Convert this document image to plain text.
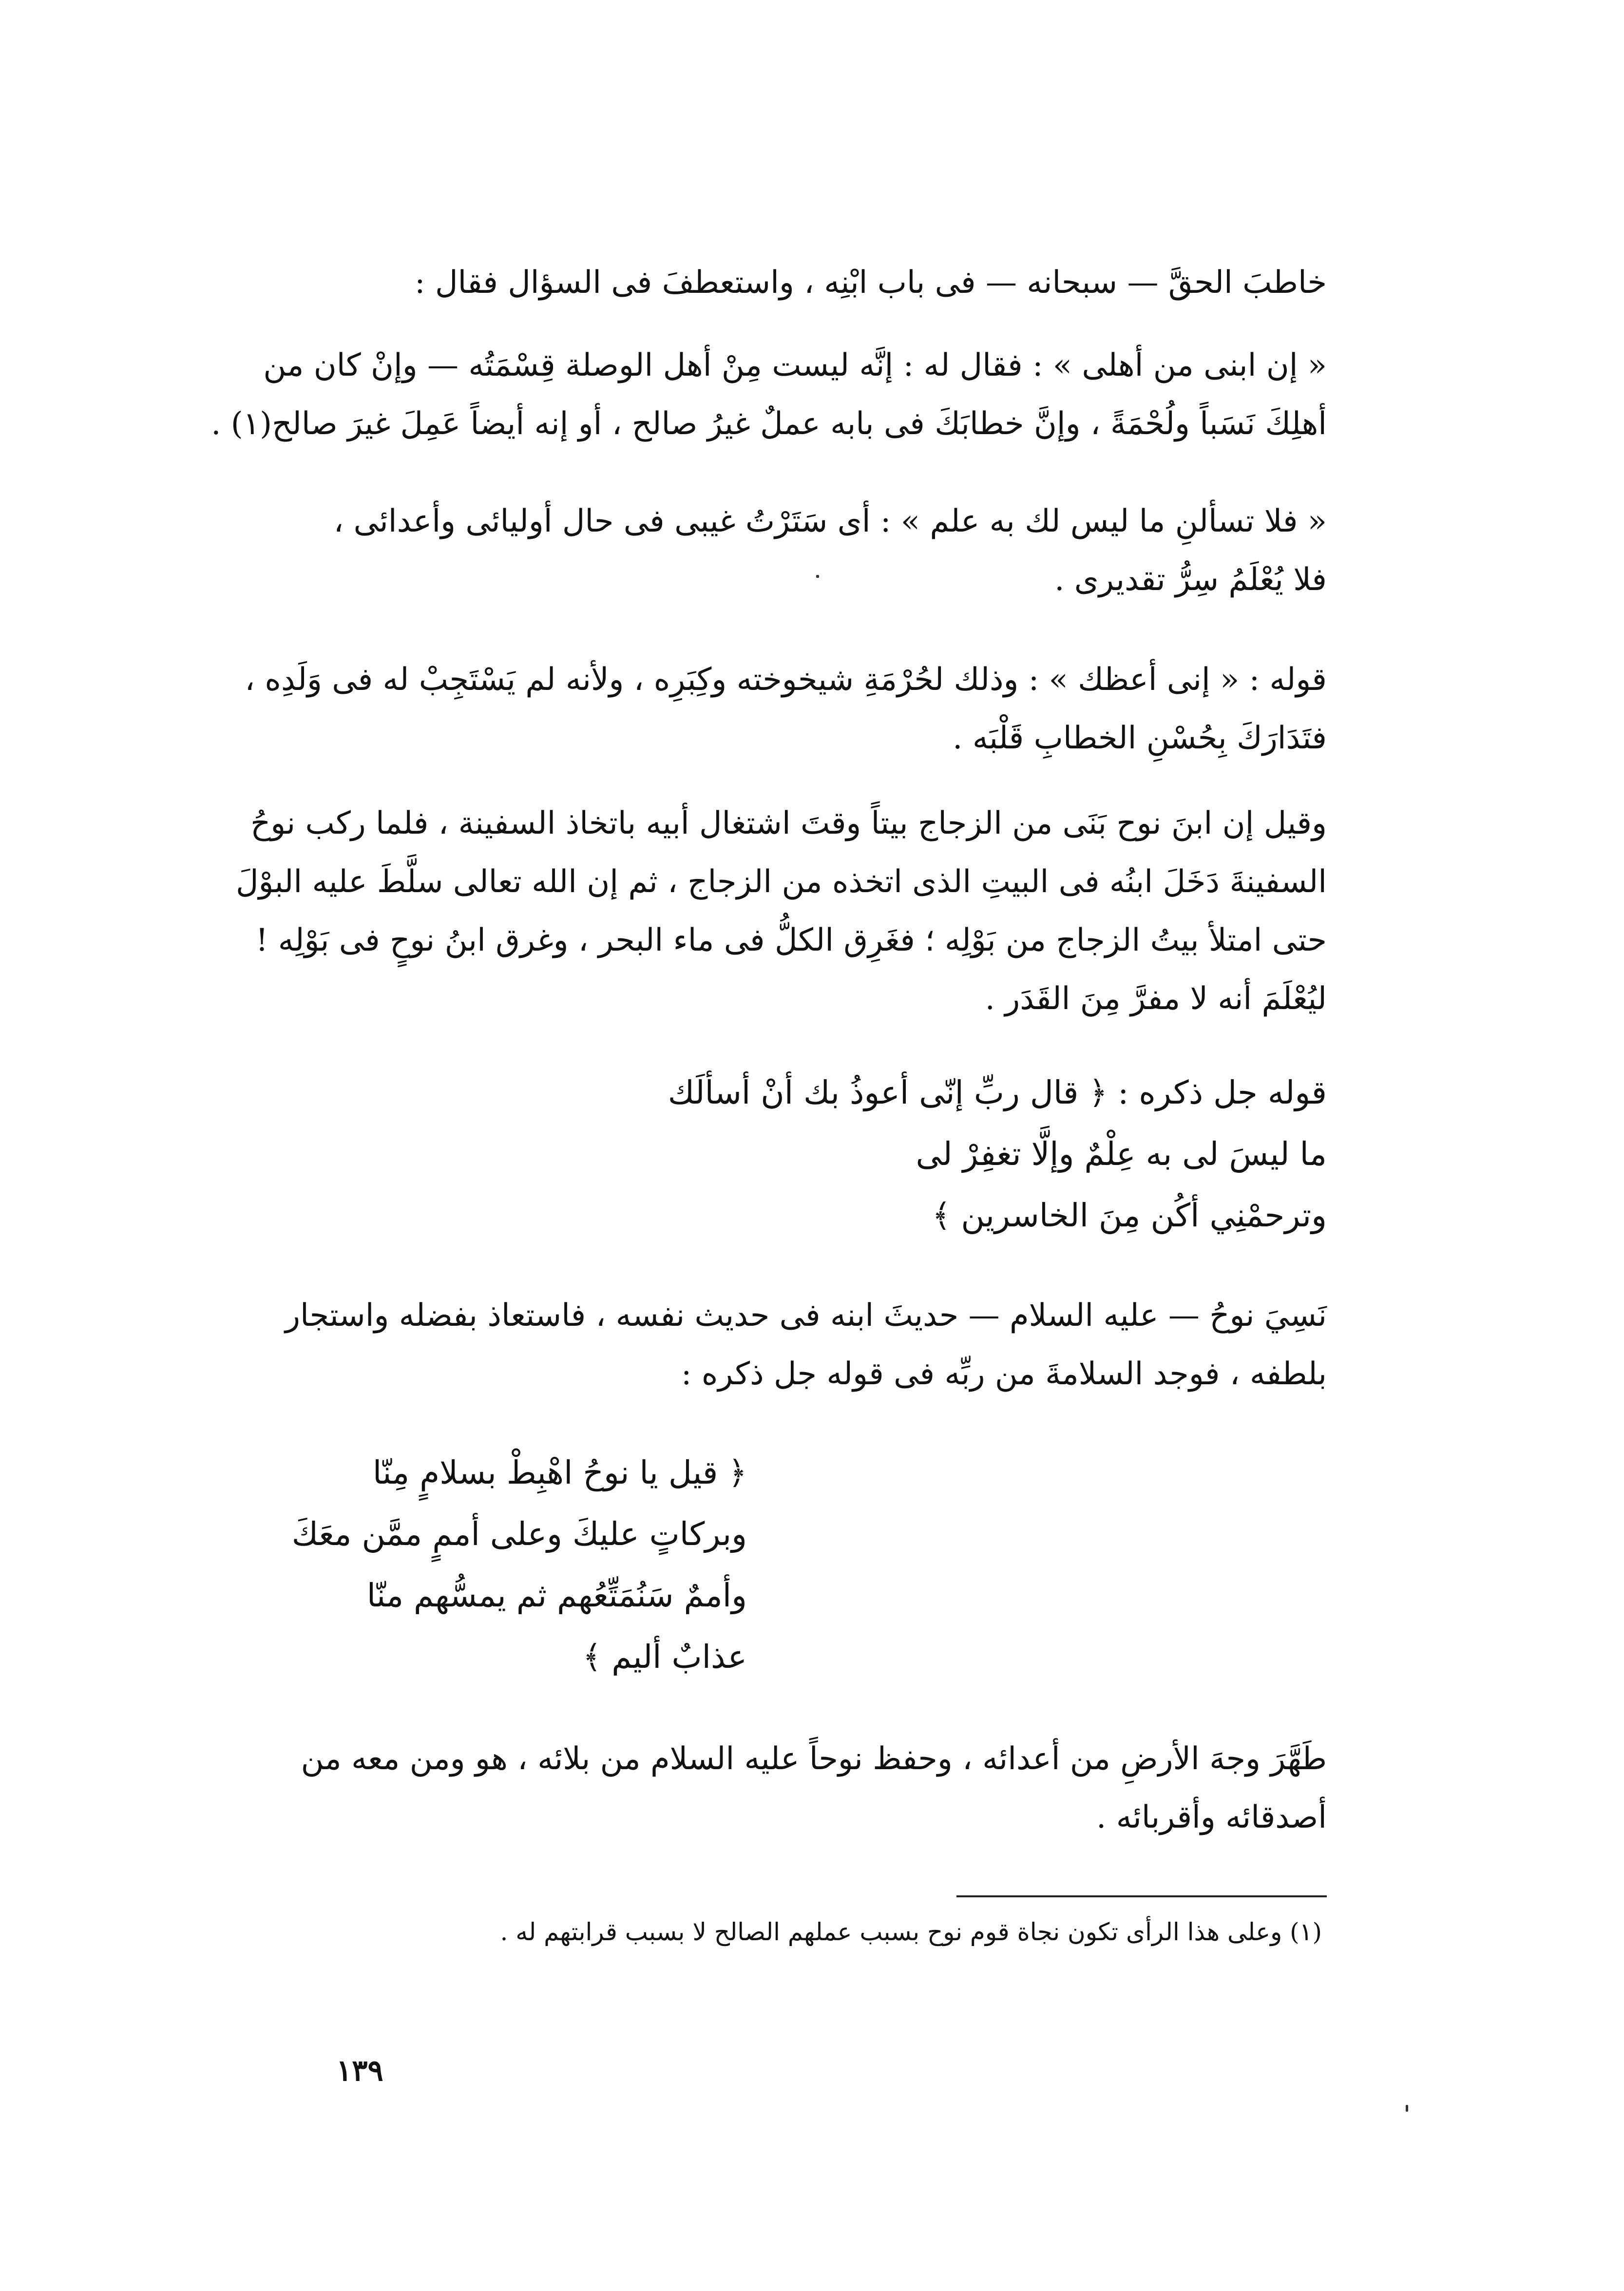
خاطبَ الحقَّ — سبحانه — فى باب ابْنِه ، واستعطفَ فى السؤال فقال :
« إن ابنى من أهلى » : فقال له : إنَّه ليست مِنْ أهل الوصلة قِسْمَتُه — وإنْ كان من
أهلِكَ نَسَباً ولُحْمَةً ، وإنَّ خطابَكَ فى بابه عملٌ غيرُ صالح ، أو إنه أيضاً عَمِلَ غيرَ صالح(١) .
« فلا تسألنِ ما ليس لك به علم » : أى سَتَرْتُ غيبى فى حال أوليائى وأعدائى ،
فلا يُعْلَمُ سِرُّ تقديرى .
قوله : « إنى أعظك » : وذلك لحُرْمَةِ شيخوخته وكِبَرِه ، ولأنه لم يَسْتَجِبْ له فى وَلَدِه ،
فتَدَارَكَ بِحُسْنِ الخطابِ قَلْبَه .
وقيل إن ابنَ نوح بَنَى من الزجاج بيتاً وقتَ اشتغال أبيه باتخاذ السفينة ، فلما ركب نوحُ
السفينةَ دَخَلَ ابنُه فى البيتِ الذى اتخذه من الزجاج ، ثم إن الله تعالى سلَّطَ عليه البوْلَ
حتى امتلأ بيتُ الزجاج من بَوْلِه ؛ فغَرِق الكلُّ فى ماء البحر ، وغرق ابنُ نوحٍ فى بَوْلِه !
ليُعْلَمَ أنه لا مفرَّ مِنَ القَدَر .
قوله جل ذكره : ﴿ قال ربِّ إنّى أعوذُ بك أنْ أسألَك
ما ليسَ لى به عِلْمٌ وإلَّا تغفِرْ لى
وترحمْنِي أكُن مِنَ الخاسرين ﴾
نَسِيَ نوحُ — عليه السلام — حديثَ ابنه فى حديث نفسه ، فاستعاذ بفضله واستجار
بلطفه ، فوجد السلامةَ من ربِّه فى قوله جل ذكره :
﴿ قيل يا نوحُ اهْبِطْ بسلامٍ مِنّا
وبركاتٍ عليكَ وعلى أممٍ ممَّن معَكَ
وأممٌ سَنُمَتِّعُهم ثم يمسُّهم منّا
عذابٌ أليم ﴾
طَهَّرَ وجهَ الأرضِ من أعدائه ، وحفظ نوحاً عليه السلام من بلائه ، هو ومن معه من
أصدقائه وأقربائه .
(١) وعلى هذا الرأى تكون نجاة قوم نوح بسبب عملهم الصالح لا بسبب قرابتهم له .
١٣٩
